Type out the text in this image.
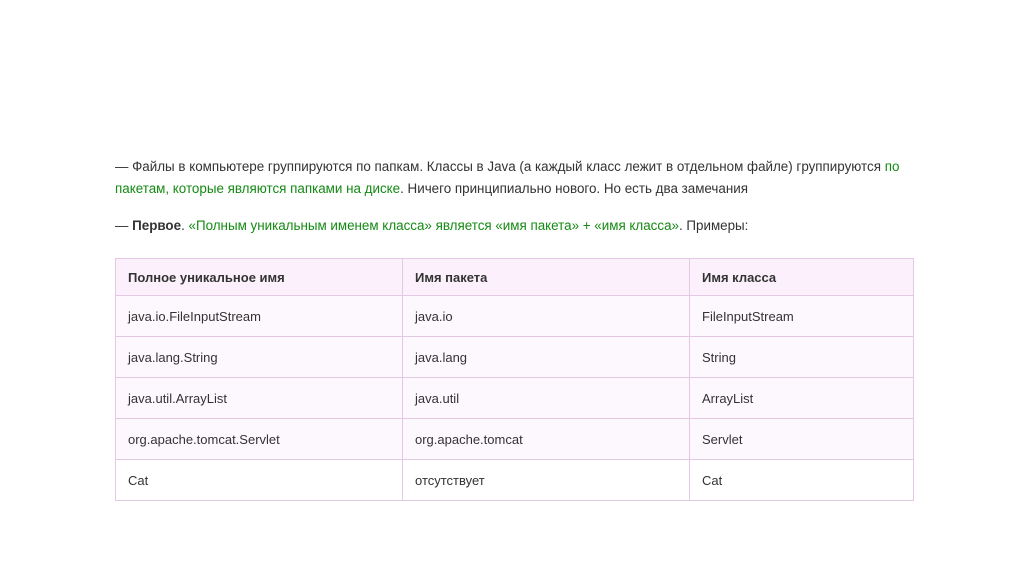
— Файлы в компьютере группируются по папкам. Классы в Java (а каждый класс лежит в отдельном файле) группируются по пакетам, которые являются папками на диске. Ничего принципиально нового. Но есть два замечания

— Первое. «Полным уникальным именем класса» является «имя пакета» + «имя класса». Примеры:

Полное уникальное имя	Имя пакета	Имя класса
java.io.FileInputStream	java.io	FileInputStream
java.lang.String	java.lang	String
java.util.ArrayList	java.util	ArrayList
org.apache.tomcat.Servlet	org.apache.tomcat	Servlet
Cat	отсутствует	Cat
